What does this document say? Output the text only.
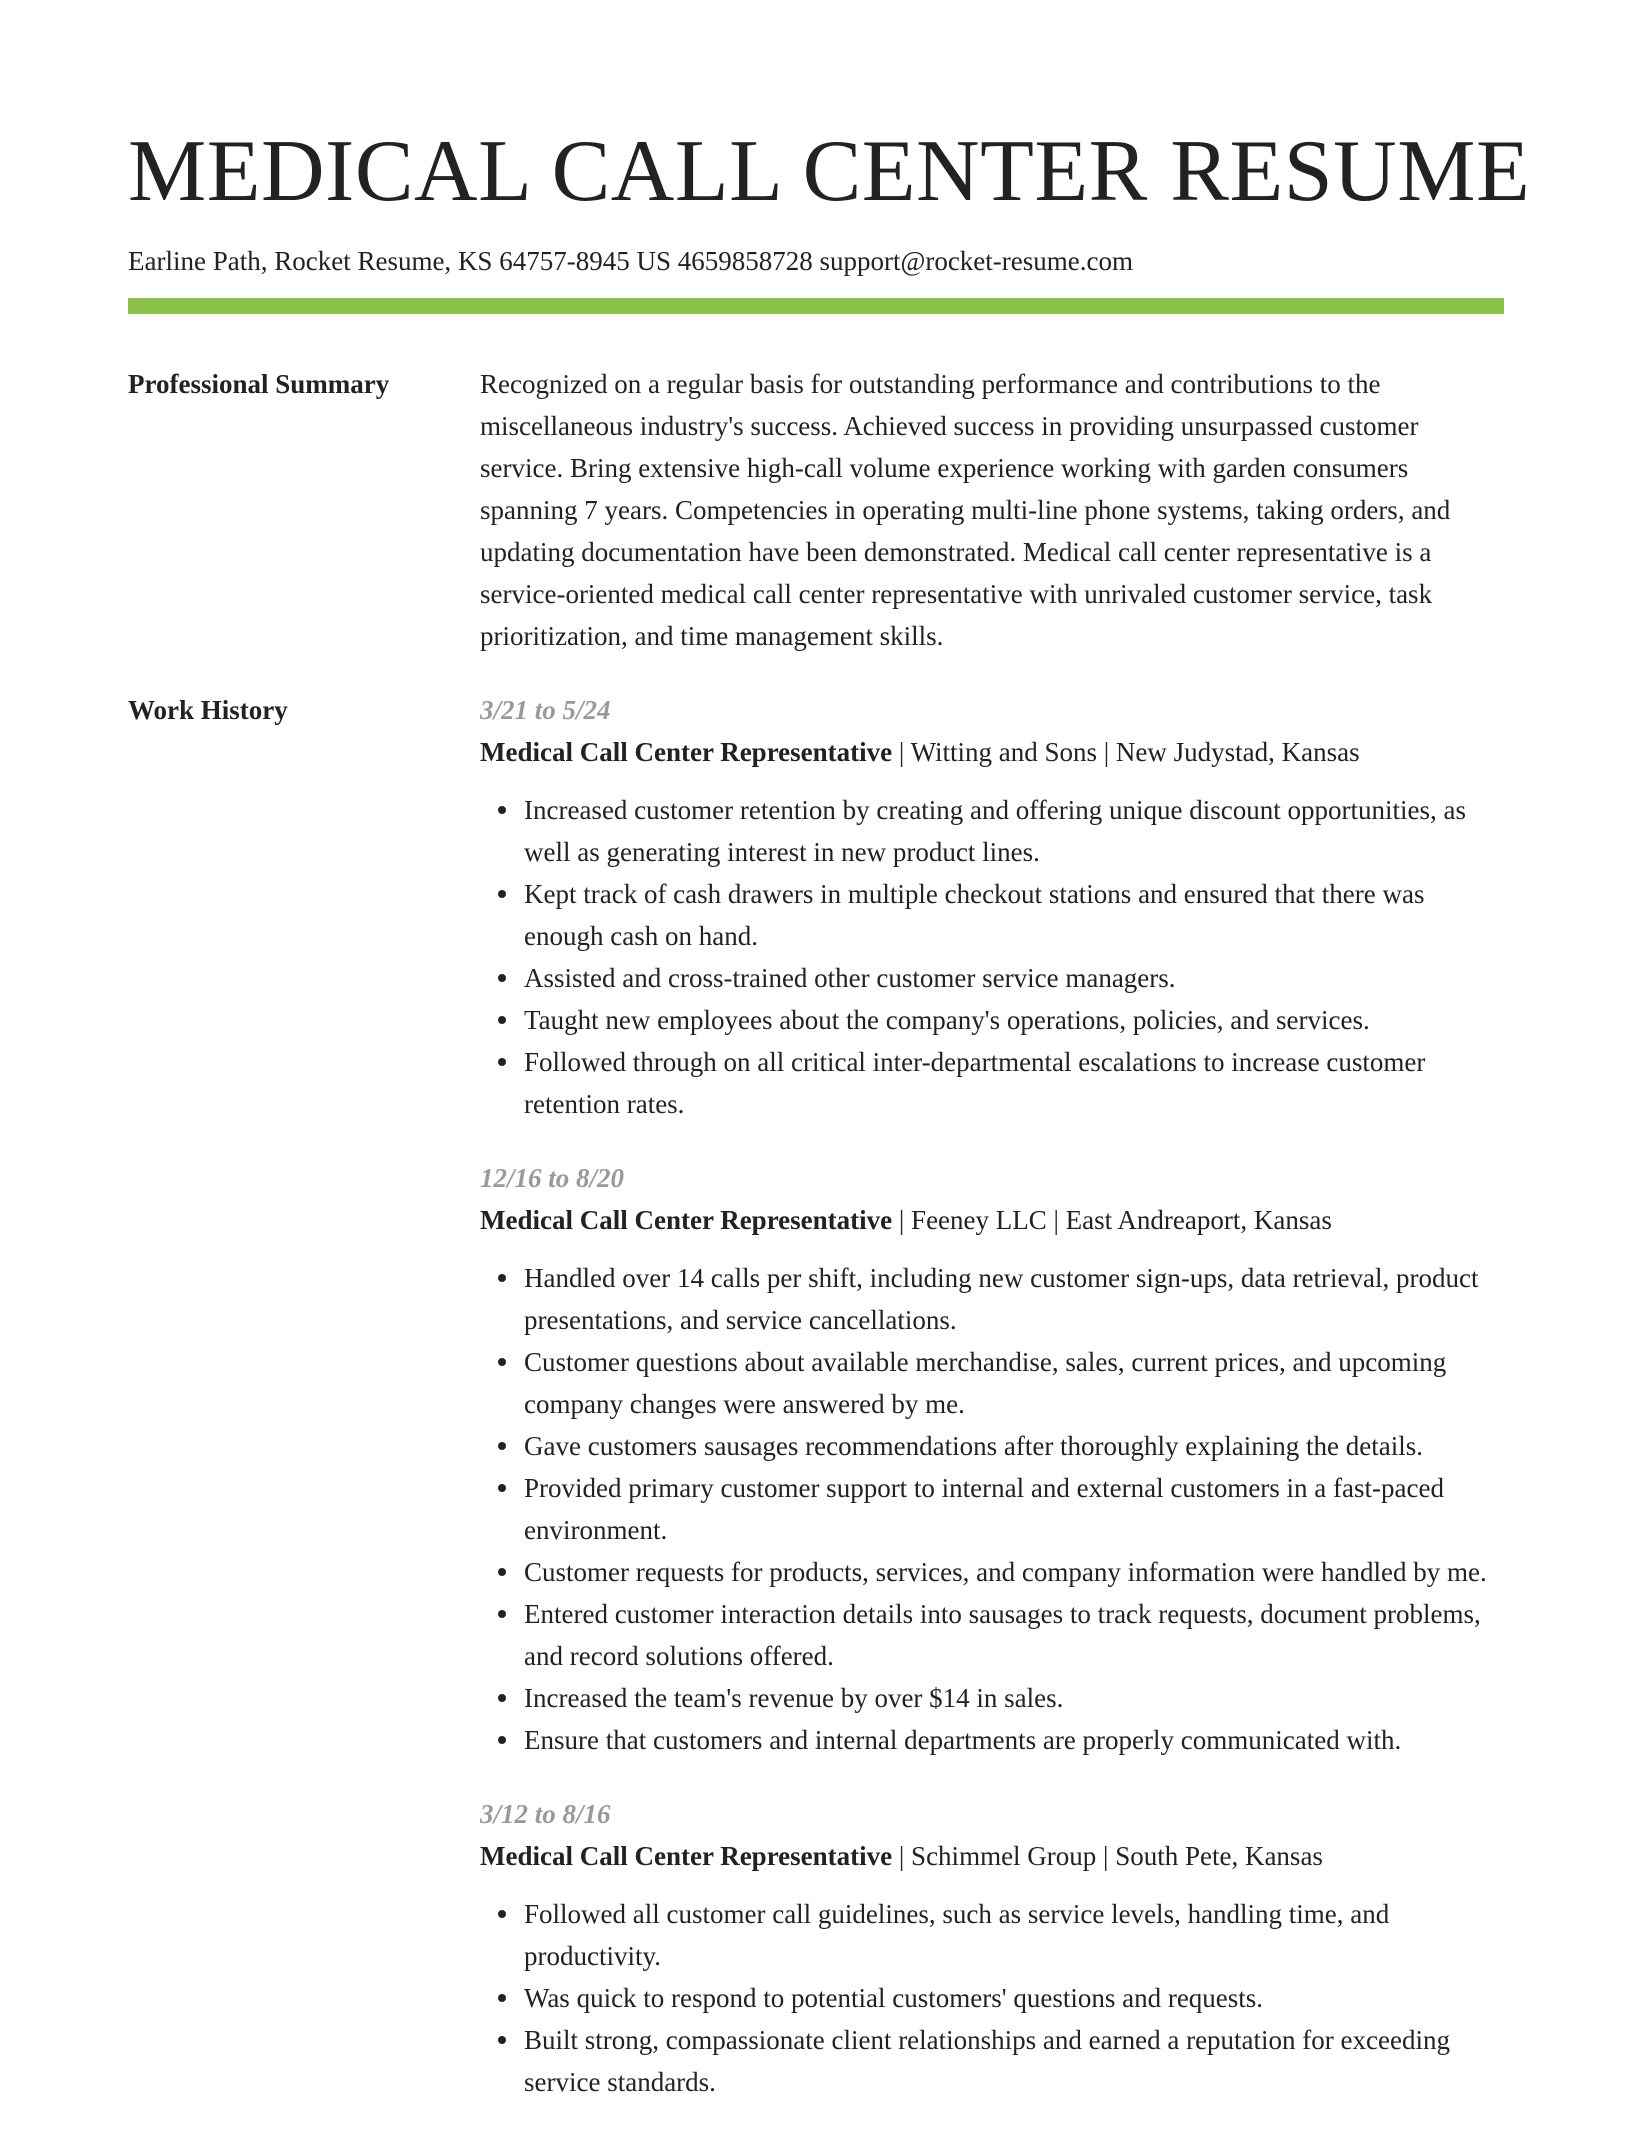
MEDICAL CALL CENTER RESUME
Earline Path, Rocket Resume, KS 64757-8945 US 4659858728 support@rocket-resume.com
Professional Summary	Recognized on a regular basis for outstanding performance and contributions to the miscellaneous industry's success. Achieved success in providing unsurpassed customer service. Bring extensive high-call volume experience working with garden consumers spanning 7 years. Competencies in operating multi-line phone systems, taking orders, and updating documentation have been demonstrated. Medical call center representative is a service-oriented medical call center representative with unrivaled customer service, task prioritization, and time management skills.

Work History	3/21 to 5/24
Medical Call Center Representative | Witting and Sons | New Judystad, Kansas
Increased customer retention by creating and offering unique discount opportunities, as well as generating interest in new product lines.
Kept track of cash drawers in multiple checkout stations and ensured that there was enough cash on hand.
Assisted and cross-trained other customer service managers.
Taught new employees about the company's operations, policies, and services.
Followed through on all critical inter-departmental escalations to increase customer retention rates.
12/16 to 8/20
Medical Call Center Representative | Feeney LLC | East Andreaport, Kansas
Handled over 14 calls per shift, including new customer sign-ups, data retrieval, product presentations, and service cancellations.
Customer questions about available merchandise, sales, current prices, and upcoming company changes were answered by me.
Gave customers sausages recommendations after thoroughly explaining the details.
Provided primary customer support to internal and external customers in a fast-paced environment.
Customer requests for products, services, and company information were handled by me.
Entered customer interaction details into sausages to track requests, document problems, and record solutions offered.
Increased the team's revenue by over $14 in sales.
Ensure that customers and internal departments are properly communicated with.
3/12 to 8/16
Medical Call Center Representative | Schimmel Group | South Pete, Kansas
Followed all customer call guidelines, such as service levels, handling time, and productivity.
Was quick to respond to potential customers' questions and requests.
Built strong, compassionate client relationships and earned a reputation for exceeding service standards.
